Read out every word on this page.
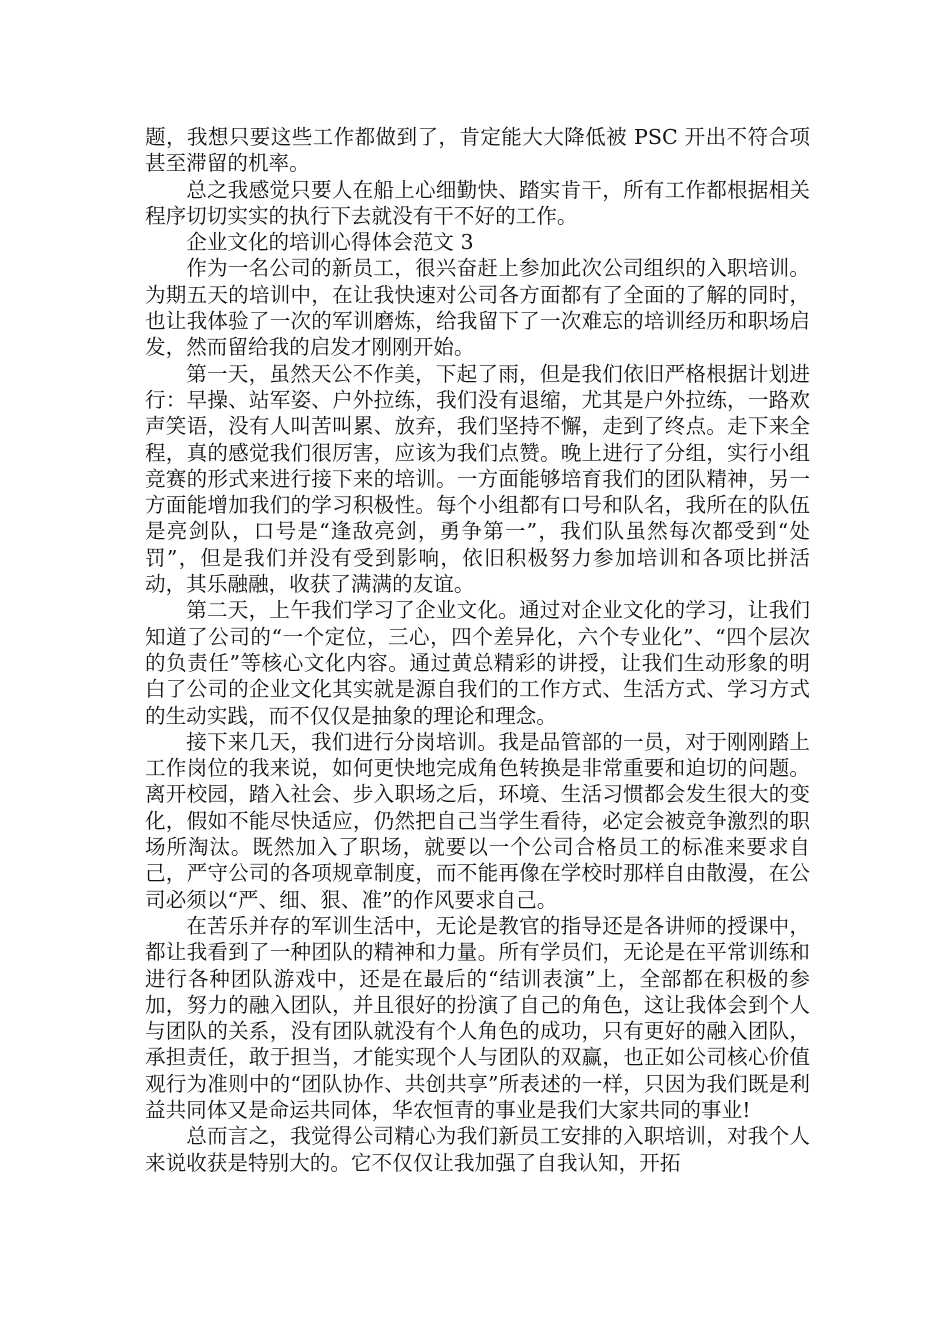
题，我想只要这些工作都做到了，肯定能大大降低被 PSC 开出不符合项甚至滞留的机率。

总之我感觉只要人在船上心细勤快、踏实肯干，所有工作都根据相关程序切切实实的执行下去就没有干不好的工作。

企业文化的培训心得体会范文 3

作为一名公司的新员工，很兴奋赶上参加此次公司组织的入职培训。为期五天的培训中，在让我快速对公司各方面都有了全面的了解的同时，也让我体验了一次的军训磨炼，给我留下了一次难忘的培训经历和职场启发，然而留给我的启发才刚刚开始。

第一天，虽然天公不作美，下起了雨，但是我们依旧严格根据计划进行：早操、站军姿、户外拉练，我们没有退缩，尤其是户外拉练，一路欢声笑语，没有人叫苦叫累、放弃，我们坚持不懈，走到了终点。走下来全程，真的感觉我们很厉害，应该为我们点赞。晚上进行了分组，实行小组竞赛的形式来进行接下来的培训。一方面能够培育我们的团队精神，另一方面能增加我们的学习积极性。每个小组都有口号和队名，我所在的队伍是亮剑队，口号是“逢敌亮剑，勇争第一”，我们队虽然每次都受到“处罚”，但是我们并没有受到影响，依旧积极努力参加培训和各项比拼活动，其乐融融，收获了满满的友谊。

第二天，上午我们学习了企业文化。通过对企业文化的学习，让我们知道了公司的“一个定位，三心，四个差异化，六个专业化”、“四个层次的负责任”等核心文化内容。通过黄总精彩的讲授，让我们生动形象的明白了公司的企业文化其实就是源自我们的工作方式、生活方式、学习方式的生动实践，而不仅仅是抽象的理论和理念。

接下来几天，我们进行分岗培训。我是品管部的一员，对于刚刚踏上工作岗位的我来说，如何更快地完成角色转换是非常重要和迫切的问题。离开校园，踏入社会、步入职场之后，环境、生活习惯都会发生很大的变化，假如不能尽快适应，仍然把自己当学生看待，必定会被竞争激烈的职场所淘汰。既然加入了职场，就要以一个公司合格员工的标准来要求自己，严守公司的各项规章制度，而不能再像在学校时那样自由散漫，在公司必须以“严、细、狠、准”的作风要求自己。

在苦乐并存的军训生活中，无论是教官的指导还是各讲师的授课中，都让我看到了一种团队的精神和力量。所有学员们，无论是在平常训练和进行各种团队游戏中，还是在最后的“结训表演”上，全部都在积极的参加，努力的融入团队，并且很好的扮演了自己的角色，这让我体会到个人与团队的关系，没有团队就没有个人角色的成功，只有更好的融入团队，承担责任，敢于担当，才能实现个人与团队的双赢，也正如公司核心价值观行为准则中的“团队协作、共创共享”所表述的一样，只因为我们既是利益共同体又是命运共同体，华农恒青的事业是我们大家共同的事业!

总而言之，我觉得公司精心为我们新员工安排的入职培训，对我个人来说收获是特别大的。它不仅仅让我加强了自我认知，开拓
